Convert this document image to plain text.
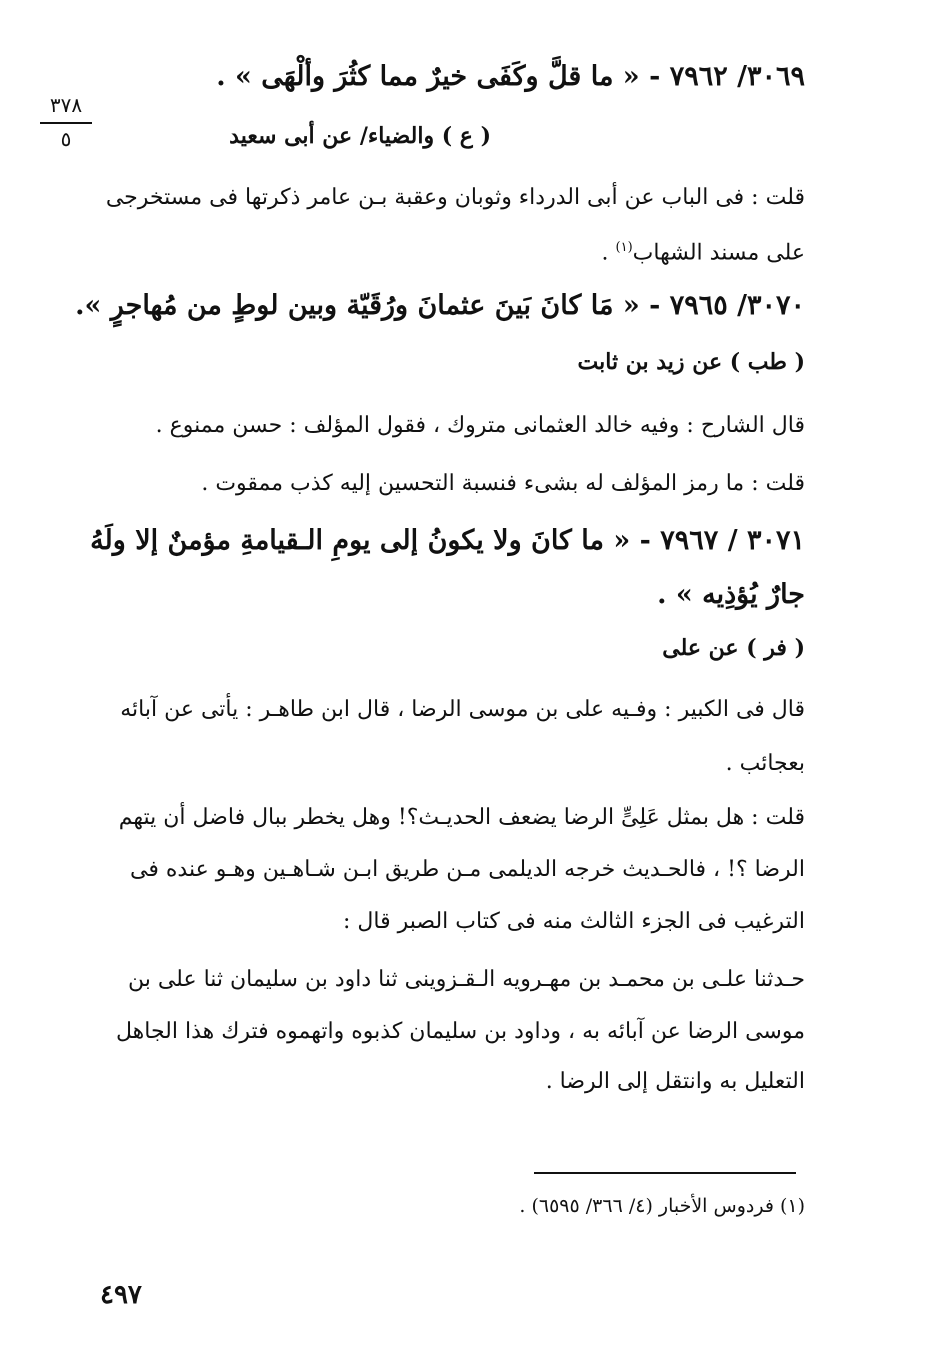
٣٧٨
٥
٣٠٦٩/ ٧٩٦٢ - « ما قلَّ وكَفَى خيرٌ مما كثُرَ وألْهَى » .
( ع ) والضياء/ عن أبى سعيد
قلت : فى الباب عن أبى الدرداء وثوبان وعقبة بـن عامر ذكرتها فى مستخرجى
على مسند الشهاب$^{(١)}$ .
٣٠٧٠/ ٧٩٦٥ - « مَا كانَ بَينَ عثمانَ ورُقَيّة وبين لوطٍ من مُهاجرٍ ».
( طب ) عن زيد بن ثابت
قال الشارح : وفيه خالد العثمانى متروك ، فقول المؤلف : حسن ممنوع .
قلت : ما رمز المؤلف له بشىء فنسبة التحسين إليه كذب ممقوت .
٣٠٧١ / ٧٩٦٧ - « ما كانَ ولا يكونُ إلى يومِ الـقيامةِ مؤمنٌ إلا ولَهُ
جارٌ يُؤذِيه » .
( فر ) عن على
قال فى الكبير : وفـيه على بن موسى الرضا ، قال ابن طاهـر : يأتى عن آبائه
بعجائب .
قلت : هل بمثل عَلِىٍّ الرضا يضعف الحديـث؟! وهل يخطر ببال فاضل أن يتهم
الرضا ؟! ، فالحـديث خرجه الديلمى مـن طريق ابـن شـاهـين وهـو عنده فى
الترغيب فى الجزء الثالث منه فى كتاب الصبر قال :
حـدثنا علـى بن محمـد بن مهـرويه الـقـزوينى ثنا داود بن سليمان ثنا على بن
موسى الرضا عن آبائه به ، وداود بن سليمان كذبوه واتهموه فترك هذا الجاهل
التعليل به وانتقل إلى الرضا .
(١) فردوس الأخبار (٤/ ٣٦٦/ ٦٥٩٥) .
٤٩٧
